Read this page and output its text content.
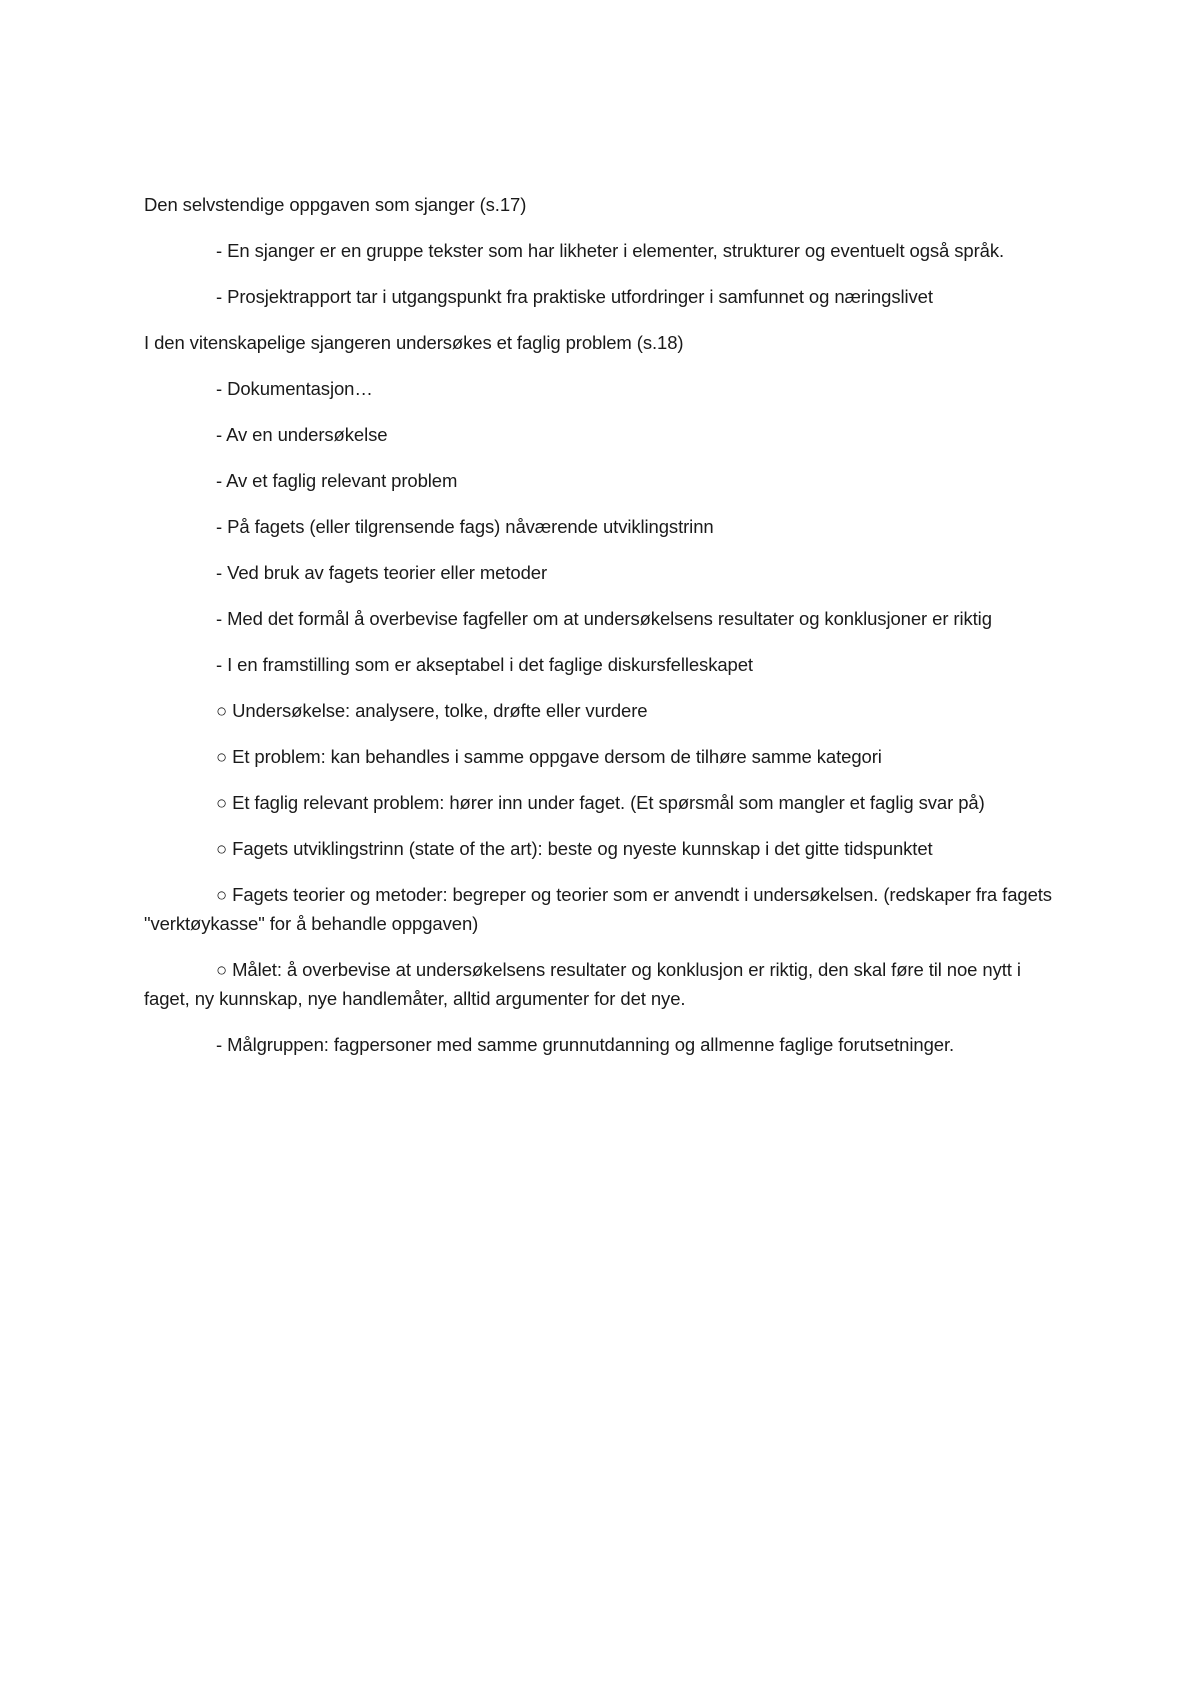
Den selvstendige oppgaven som sjanger (s.17)

- En sjanger er en gruppe tekster som har likheter i elementer, strukturer og eventuelt også språk.

- Prosjektrapport tar i utgangspunkt fra praktiske utfordringer i samfunnet og næringslivet

I den vitenskapelige sjangeren undersøkes et faglig problem (s.18)

- Dokumentasjon…

- Av en undersøkelse

- Av et faglig relevant problem

- På fagets (eller tilgrensende fags) nåværende utviklingstrinn

- Ved bruk av fagets teorier eller metoder

- Med det formål å overbevise fagfeller om at undersøkelsens resultater og konklusjoner er riktig

- I en framstilling som er akseptabel i det faglige diskursfelleskapet

○ Undersøkelse: analysere, tolke, drøfte eller vurdere

○ Et problem: kan behandles i samme oppgave dersom de tilhøre samme kategori

○ Et faglig relevant problem: hører inn under faget. (Et spørsmål som mangler et faglig svar på)

○ Fagets utviklingstrinn (state of the art): beste og nyeste kunnskap i det gitte tidspunktet

○ Fagets teorier og metoder: begreper og teorier som er anvendt i undersøkelsen. (redskaper fra fagets "verktøykasse" for å behandle oppgaven)

○ Målet: å overbevise at undersøkelsens resultater og konklusjon er riktig, den skal føre til noe nytt i faget, ny kunnskap, nye handlemåter, alltid argumenter for det nye.

- Målgruppen: fagpersoner med samme grunnutdanning og allmenne faglige forutsetninger.
